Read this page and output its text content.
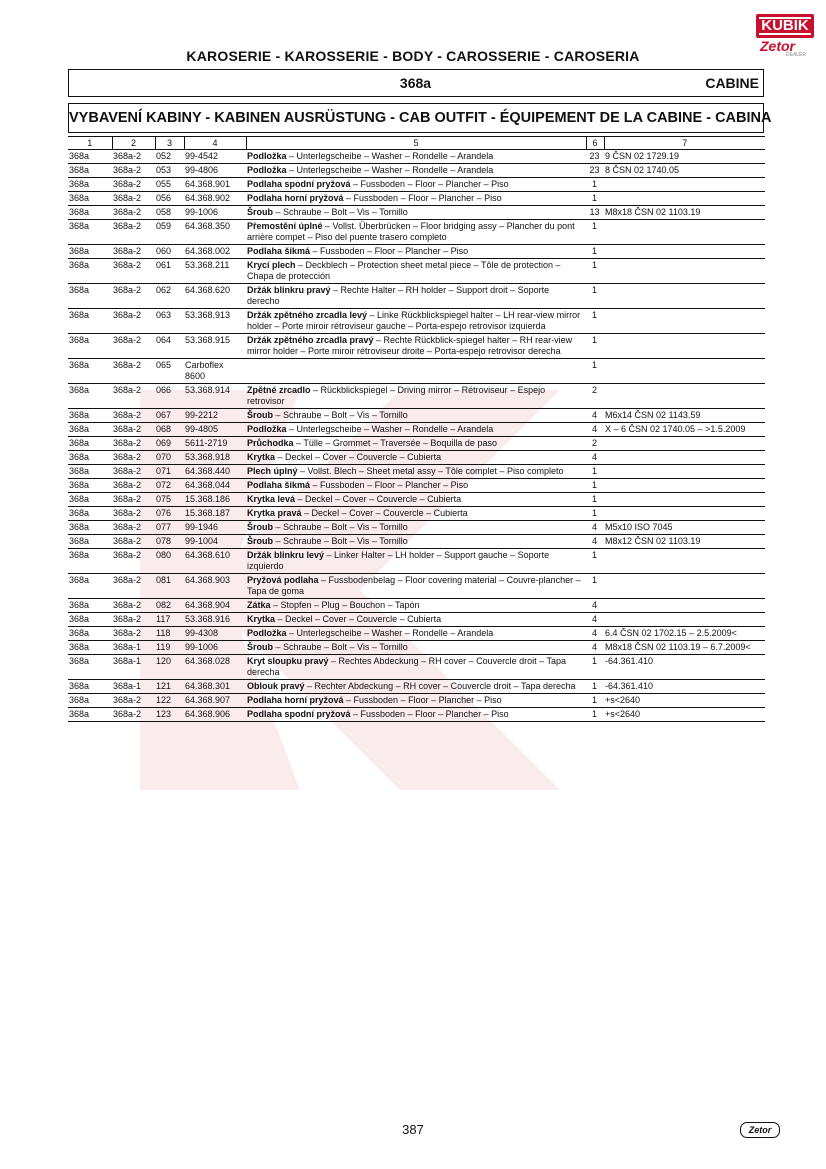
KUBIK
Zetor
DEALER
KAROSERIE - KAROSSERIE - BODY - CAROSSERIE - CAROSERIA
368a	CABINE
VYBAVENÍ KABINY - KABINEN AUSRÜSTUNG - CAB OUTFIT - ÉQUIPEMENT DE LA CABINE - CABINA
1	2	3	4	5	6	7
368a	368a-2	052	99-4542	Podložka – Unterlegscheibe – Washer – Rondelle – Arandela	23	9 ČSN 02 1729.19
368a	368a-2	053	99-4806	Podložka – Unterlegscheibe – Washer – Rondelle – Arandela	23	8 ČSN 02 1740.05
368a	368a-2	055	64.368.901	Podlaha spodní pryžová – Fussboden – Floor – Plancher – Piso	1	
368a	368a-2	056	64.368.902	Podlaha horní pryžová – Fussboden – Floor – Plancher – Piso	1	
368a	368a-2	058	99-1006	Šroub – Schraube – Bolt – Vis – Tornillo	13	M8x18 ČSN 02 1103.19
368a	368a-2	059	64.368.350	Přemostění úplné – Vollst. Überbrücken – Floor bridging assy – Plancher du pont arrière compet – Piso del puente trasero completo	1	
368a	368a-2	060	64.368.002	Podlaha šikmá – Fussboden – Floor – Plancher – Piso	1	
368a	368a-2	061	53.368.211	Krycí plech – Deckblech – Protection sheet metal piece – Tôle de protection – Chapa de protección	1	
368a	368a-2	062	64.368.620	Držák blinkru pravý – Rechte Halter – RH holder – Support droit – Soporte derecho	1	
368a	368a-2	063	53.368.913	Držák zpětného zrcadla levý – Linke Rückblickspiegel halter – LH rear-view mirror holder – Porte miroir rétroviseur gauche – Porta-espejo retrovisor izquierda	1	
368a	368a-2	064	53.368.915	Držák zpětného zrcadla pravý – Rechte Rückblick-spiegel halter – RH rear-view mirror holder – Porte miroir rétroviseur droite – Porta-espejo retrovisor derecha	1	
368a	368a-2	065	Carboflex 8600		1	
368a	368a-2	066	53.368.914	Zpětné zrcadlo – Rückblickspiegel – Driving mirror – Rétroviseur – Espejo retrovisor	2	
368a	368a-2	067	99-2212	Šroub – Schraube – Bolt – Vis – Tornillo	4	M6x14 ČSN 02 1143.59
368a	368a-2	068	99-4805	Podložka – Unterlegscheibe – Washer – Rondelle – Arandela	4	X – 6 ČSN 02 1740.05 – >1.5.2009
368a	368a-2	069	5611-2719	Průchodka – Tülle – Grommet – Traversée – Boquilla de paso	2	
368a	368a-2	070	53.368.918	Krytka – Deckel – Cover – Couvercle – Cubierta	4	
368a	368a-2	071	64.368.440	Plech úplný – Vollst. Blech – Sheet metal assy – Tôle complet – Piso completo	1	
368a	368a-2	072	64.368.044	Podlaha šikmá – Fussboden – Floor – Plancher – Piso	1	
368a	368a-2	075	15.368.186	Krytka levá – Deckel – Cover – Couvercle – Cubierta	1	
368a	368a-2	076	15.368.187	Krytka pravá – Deckel – Cover – Couvercle – Cubierta	1	
368a	368a-2	077	99-1946	Šroub – Schraube – Bolt – Vis – Tornillo	4	M5x10 ISO 7045
368a	368a-2	078	99-1004	Šroub – Schraube – Bolt – Vis – Tornillo	4	M8x12 ČSN 02 1103.19
368a	368a-2	080	64.368.610	Držák blinkru levý – Linker Halter – LH holder – Support gauche – Soporte izquierdo	1	
368a	368a-2	081	64.368.903	Pryžová podlaha – Fussbodenbelag – Floor covering material – Couvre-plancher – Tapa de goma	1	
368a	368a-2	082	64.368.904	Zátka – Stopfen – Plug – Bouchon – Tapón	4	
368a	368a-2	117	53.368.916	Krytka – Deckel – Cover – Couvercle – Cubierta	4	
368a	368a-2	118	99-4308	Podložka – Unterlegscheibe – Washer – Rondelle – Arandela	4	6.4 ČSN 02 1702.15 – 2.5.2009<
368a	368a-1	119	99-1006	Šroub – Schraube – Bolt – Vis – Tornillo	4	M8x18 ČSN 02 1103.19 – 6.7.2009<
368a	368a-1	120	64.368.028	Kryt sloupku pravý – Rechtes Abdeckung – RH cover – Couvercle droit – Tapa derecha	1	-64.361.410
368a	368a-1	121	64.368.301	Oblouk pravý – Rechter Abdeckung – RH cover – Couvercle droit – Tapa derecha	1	-64.361.410
368a	368a-2	122	64.368.907	Podlaha horní pryžová – Fussboden – Floor – Plancher – Piso	1	+s<2640
368a	368a-2	123	64.368.906	Podlaha spodní pryžová – Fussboden – Floor – Plancher – Piso	1	+s<2640
387	Zetor
